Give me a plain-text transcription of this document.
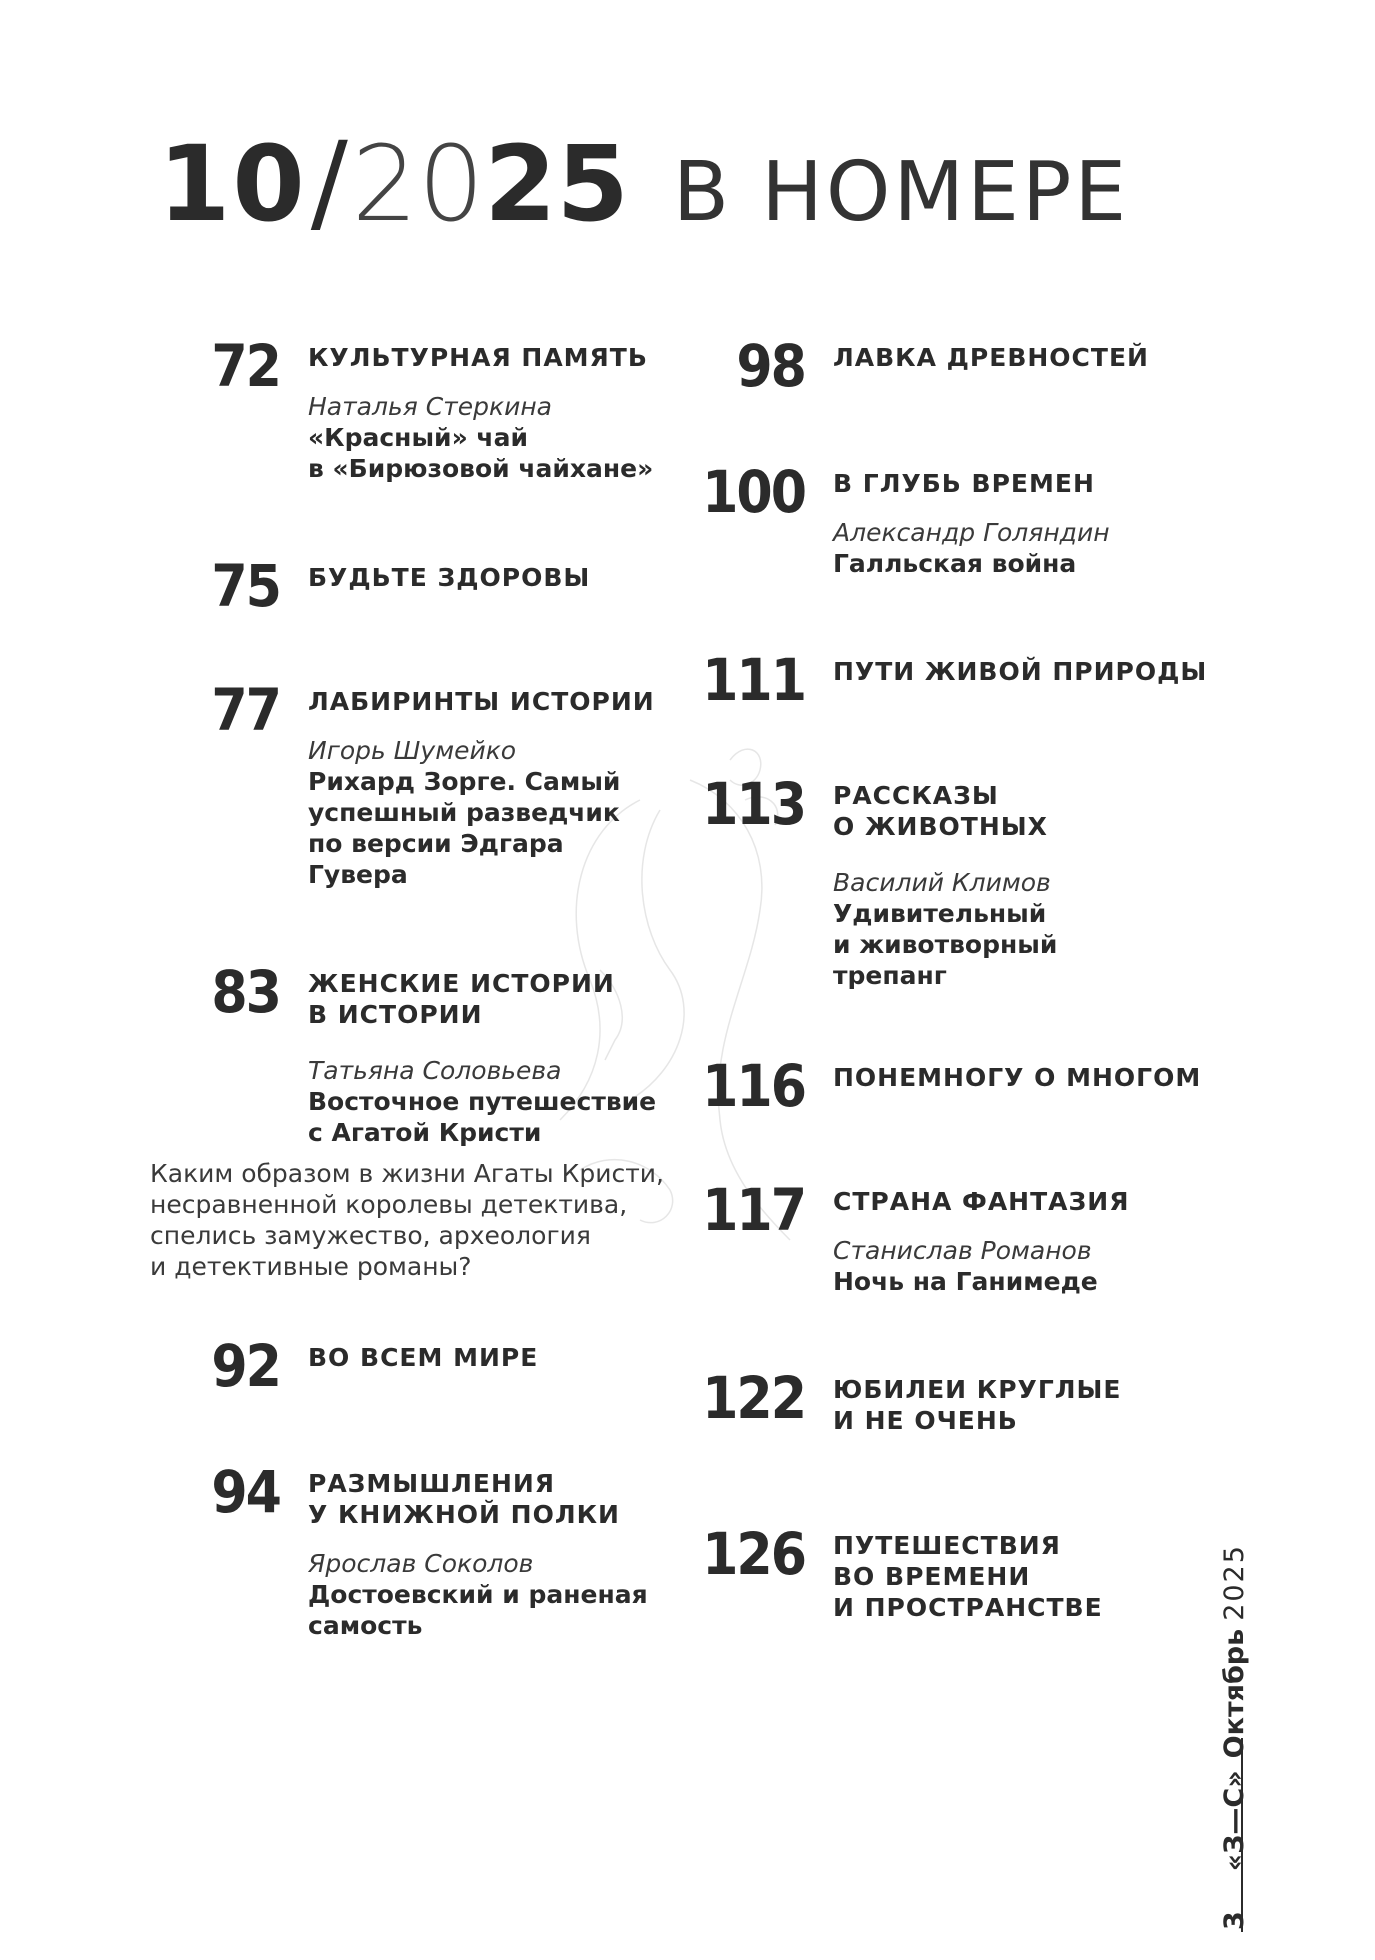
10/2025 В НОМЕРЕ
72 КУЛЬТУРНАЯ ПАМЯТЬ
Наталья Стеркина
«Красный» чай
в «Бирюзовой чайхане»
75 БУДЬТЕ ЗДОРОВЫ
77 ЛАБИРИНТЫ ИСТОРИИ
Игорь Шумейко
Рихард Зорге. Самый
успешный разведчик
по версии Эдгара
Гувера
83 ЖЕНСКИЕ ИСТОРИИ
В ИСТОРИИ
Татьяна Соловьева
Восточное путешествие
с Агатой Кристи
Каким образом в жизни Агаты Кристи,
несравненной королевы детектива,
спелись замужество, археология
и детективные романы?
92 ВО ВСЕМ МИРЕ
94 РАЗМЫШЛЕНИЯ
У КНИЖНОЙ ПОЛКИ
Ярослав Соколов
Достоевский и раненая
самость
98 ЛАВКА ДРЕВНОСТЕЙ
100 В ГЛУБЬ ВРЕМЕН
Александр Голяндин
Галльская война
111 ПУТИ ЖИВОЙ ПРИРОДЫ
113 РАССКАЗЫ
О ЖИВОТНЫХ
Василий Климов
Удивительный
и животворный
трепанг
116 ПОНЕМНОГУ О МНОГОМ
117 СТРАНА ФАНТАЗИЯ
Станислав Романов
Ночь на Ганимеде
122 ЮБИЛЕИ КРУГЛЫЕ
И НЕ ОЧЕНЬ
126 ПУТЕШЕСТВИЯ
ВО ВРЕМЕНИ
И ПРОСТРАНСТВЕ
3«З—С»Октябрь2025
